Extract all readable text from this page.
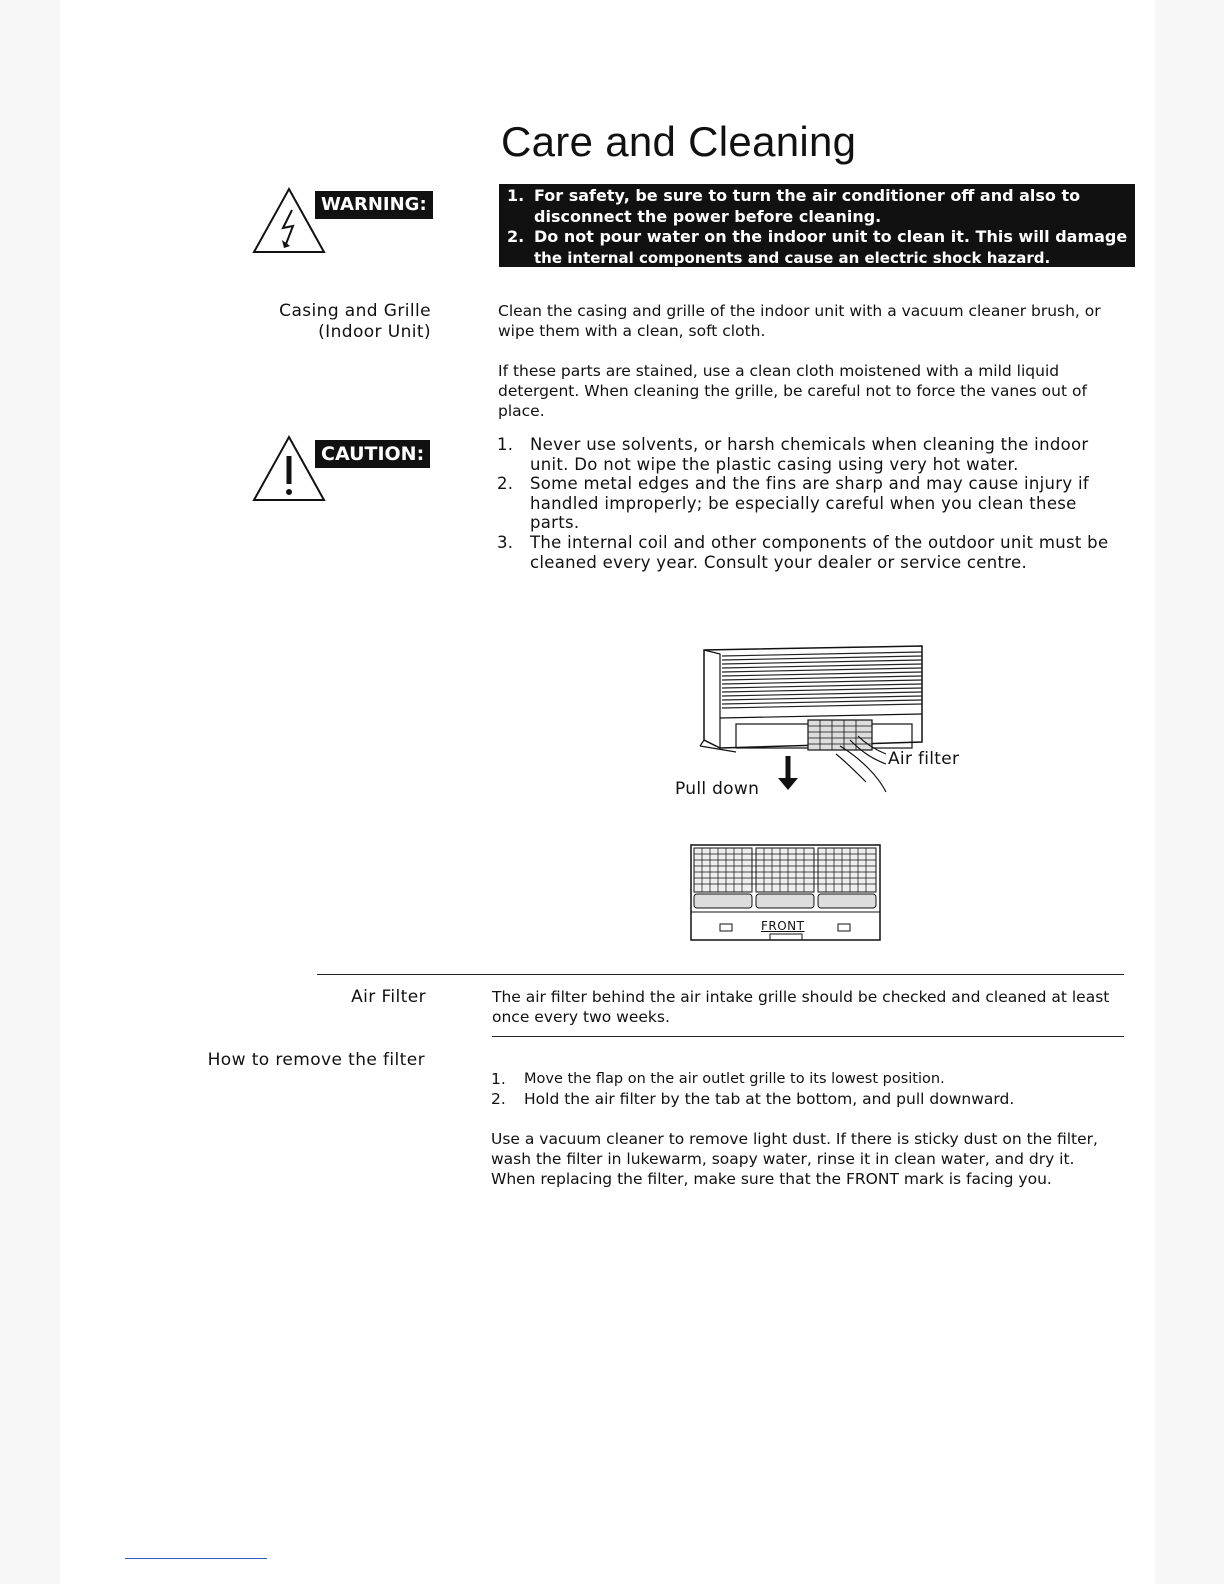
Care and Cleaning
WARNING:	1. For safety, be sure to turn the air conditioner off and also to
disconnect the power before cleaning.
2. Do not pour water on the indoor unit to clean it. This will damage
the internal components and cause an electric shock hazard.
Casing and Grille
(Indoor Unit)

Clean the casing and grille of the indoor unit with a vacuum cleaner brush, or wipe them with a clean, soft cloth.

If these parts are stained, use a clean cloth moistened with a mild liquid detergent. When cleaning the grille, be careful not to force the vanes out of place.

CAUTION:	1.	Never use solvents, or harsh chemicals when cleaning the indoor unit. Do not wipe the plastic casing using very hot water.
2.	Some metal edges and the fins are sharp and may cause injury if handled improperly; be especially careful when you clean these parts.
3.	The internal coil and other components of the outdoor unit must be cleaned every year. Consult your dealer or service centre.
Air filter
Pull down
FRONT
Air Filter	The air filter behind the air intake grille should be checked and cleaned at least once every two weeks.
How to remove the filter
1.	Move the flap on the air outlet grille to its lowest position.
2.	Hold the air filter by the tab at the bottom, and pull downward.
Use a vacuum cleaner to remove light dust. If there is sticky dust on the filter, wash the filter in lukewarm, soapy water, rinse it in clean water, and dry it. When replacing the filter, make sure that the FRONT mark is facing you.
